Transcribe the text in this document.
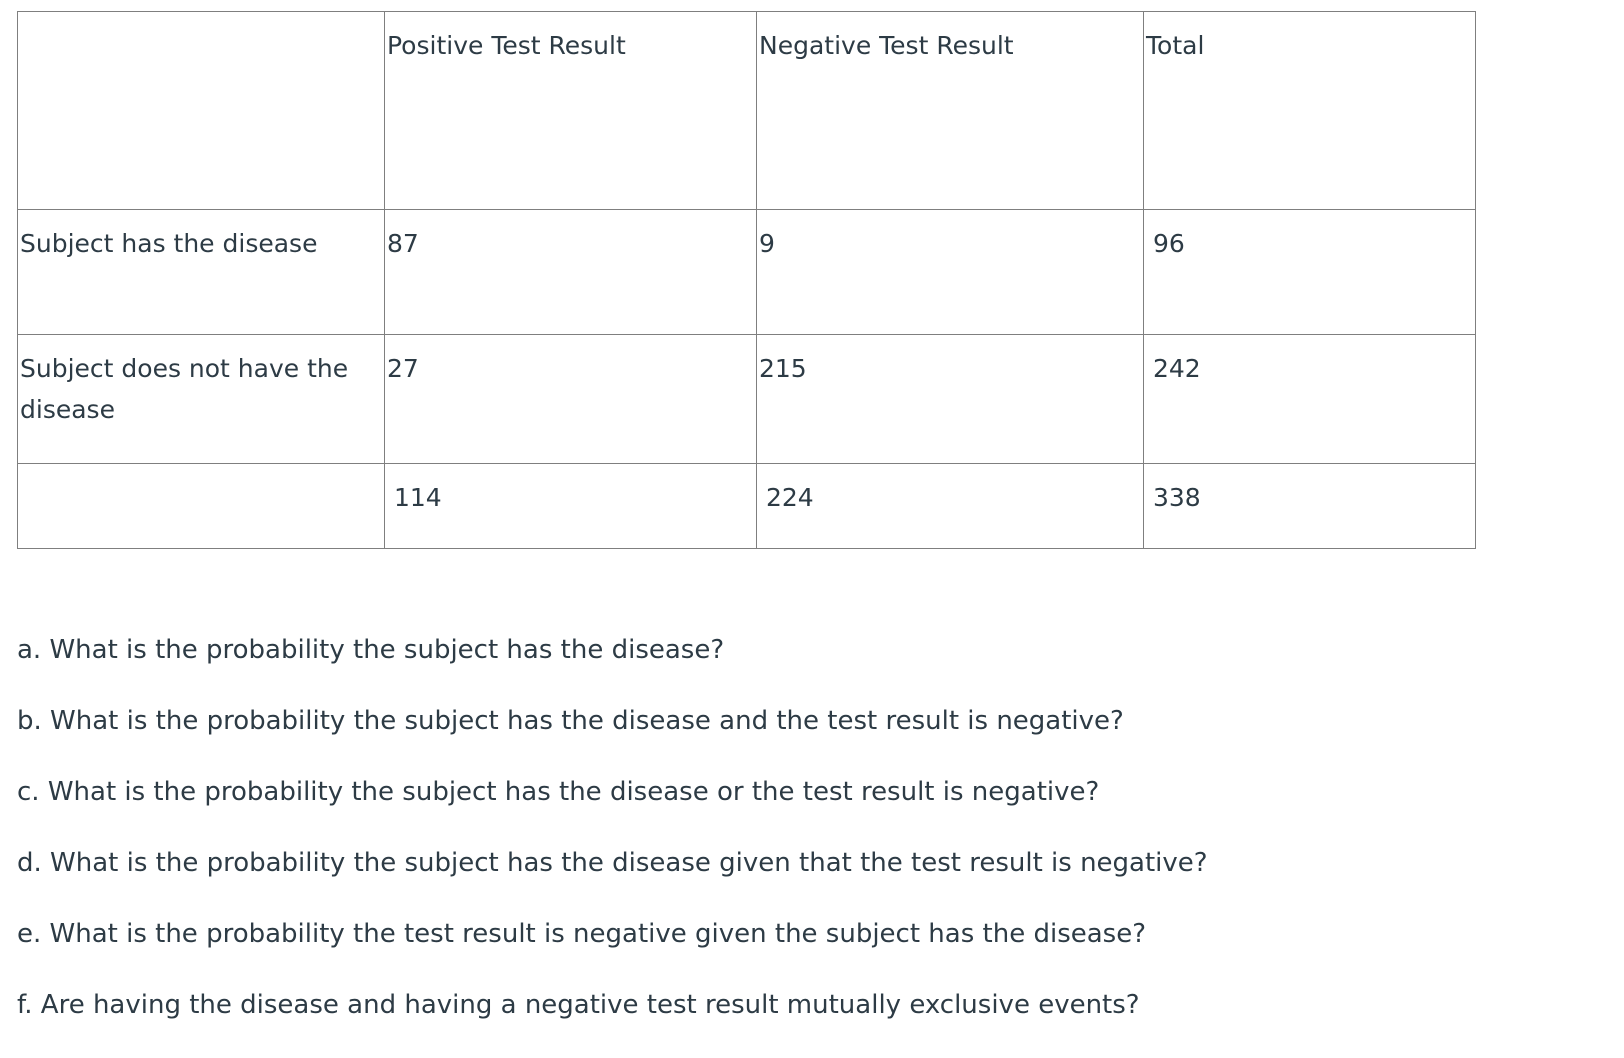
	Positive Test Result	Negative Test Result	Total

Subject has the disease	87	9	96

Subject does not have the disease	27	215	242

	114	224	338
a. What is the probability the subject has the disease?
b. What is the probability the subject has the disease and the test result is negative?
c. What is the probability the subject has the disease or the test result is negative?
d. What is the probability the subject has the disease given that the test result is negative?
e. What is the probability the test result is negative given the subject has the disease?
f. Are having the disease and having a negative test result mutually exclusive events?
